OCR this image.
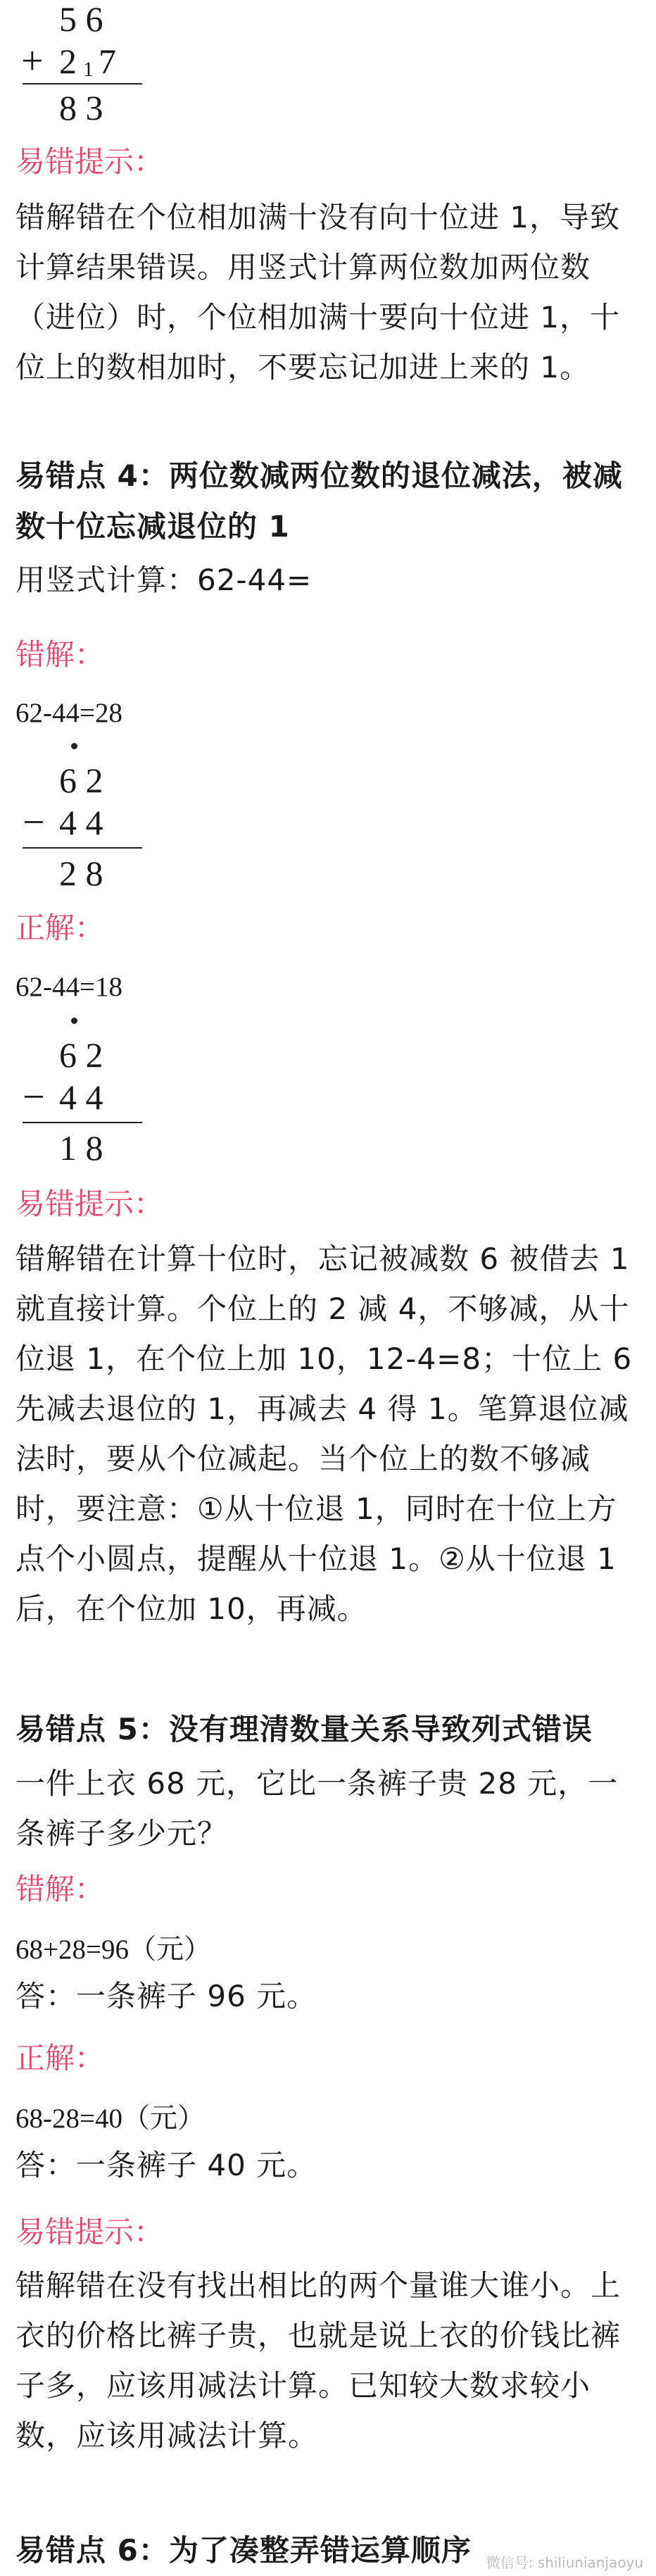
5 6
+ 2 1 7
8 3
易错提示：
错解错在个位相加满十没有向十位进 1，导致计算结果错误。用竖式计算两位数加两位数（进位）时，个位相加满十要向十位进 1，十位上的数相加时，不要忘记加进上来的 1。
易错点 4：两位数减两位数的退位减法，被减数十位忘减退位的 1
用竖式计算：62-44=
错解：
62-44=28
6 2
− 4 4
2 8
正解：
62-44=18
6 2
− 4 4
1 8
易错提示：
错解错在计算十位时，忘记被减数 6 被借去 1 就直接计算。个位上的 2 减 4，不够减，从十位退 1，在个位上加 10，12-4=8；十位上 6 先减去退位的 1，再减去 4 得 1。笔算退位减法时，要从个位减起。当个位上的数不够减时，要注意：①从十位退 1，同时在十位上方点个小圆点，提醒从十位退 1。②从十位退 1 后，在个位加 10，再减。
易错点 5：没有理清数量关系导致列式错误
一件上衣 68 元，它比一条裤子贵 28 元，一条裤子多少元？
错解：
68+28=96（元）
答：一条裤子 96 元。
正解：
68-28=40（元）
答：一条裤子 40 元。
易错提示：
错解错在没有找出相比的两个量谁大谁小。上衣的价格比裤子贵，也就是说上衣的价钱比裤子多，应该用减法计算。已知较大数求较小数，应该用减法计算。
易错点 6：为了凑整弄错运算顺序	微信号: shiliunianjaoyu
